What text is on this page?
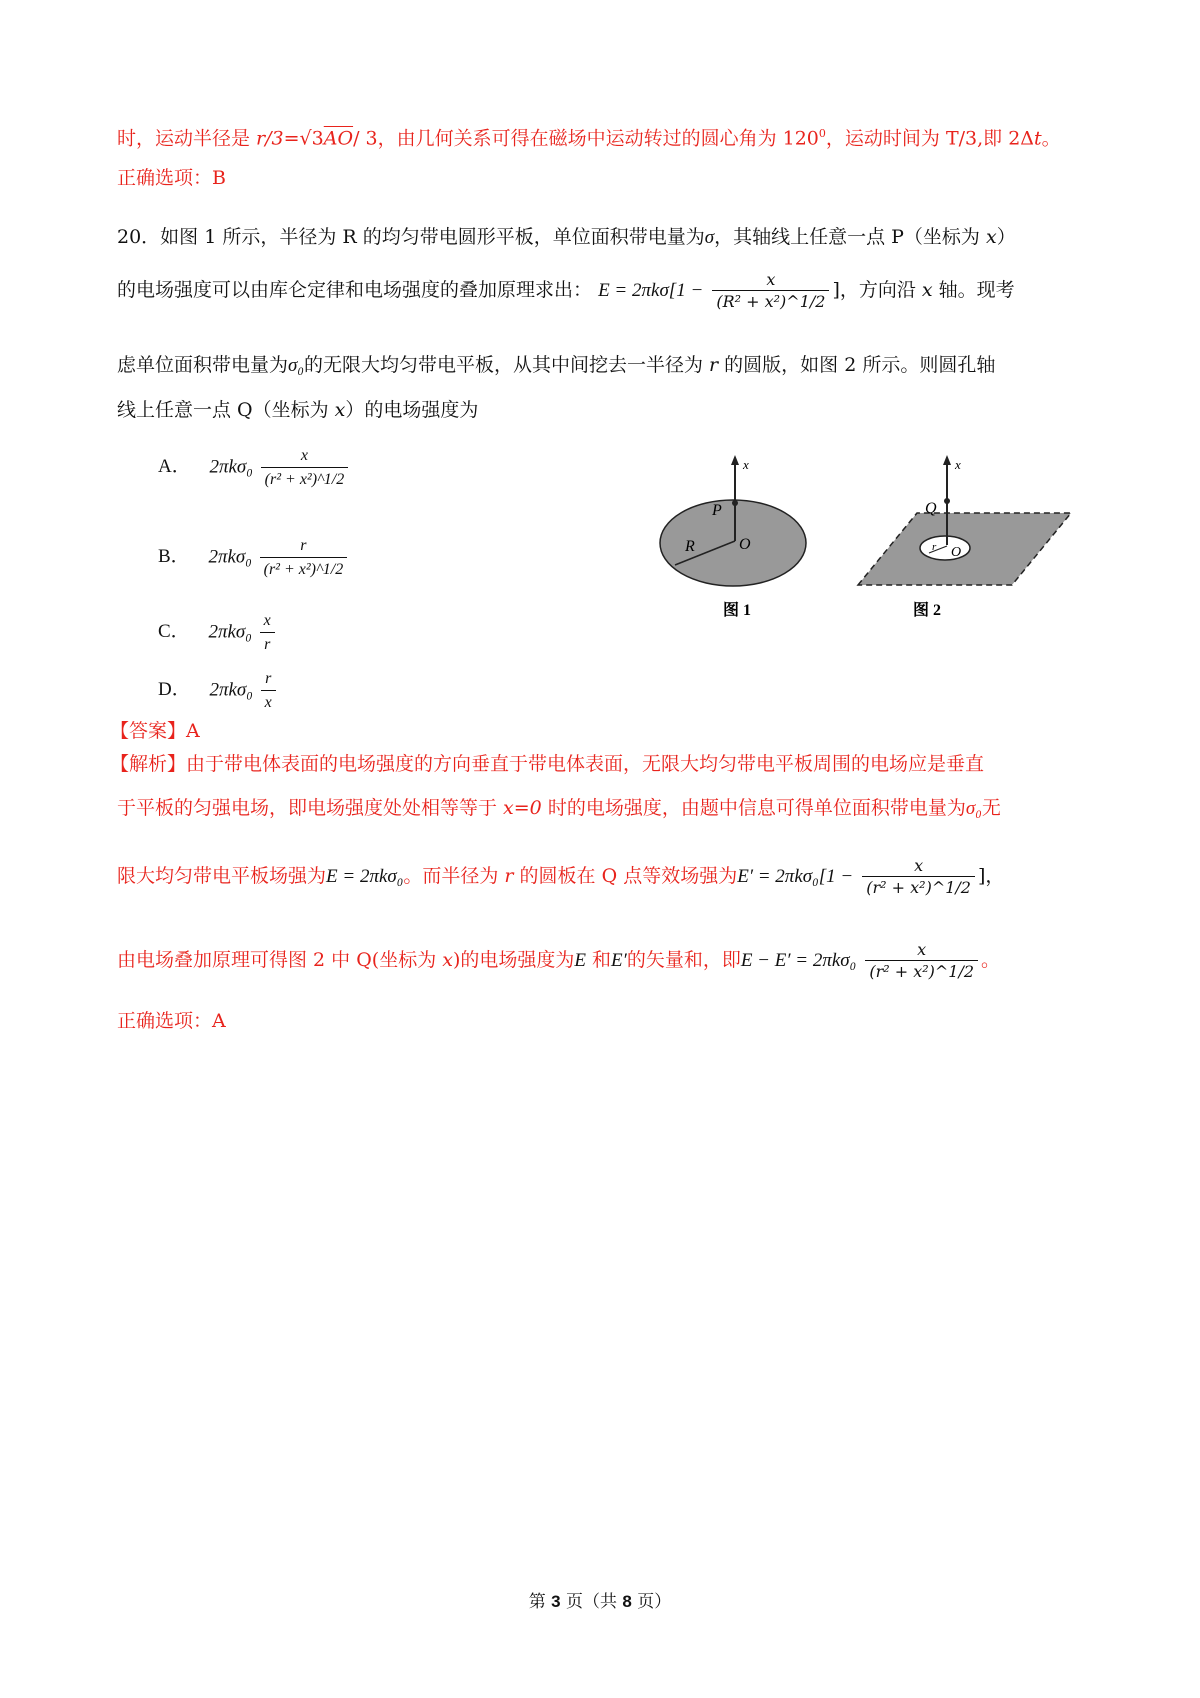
时，运动半径是 $r/3=√3\overline{AO}/$ 3，由几何关系可得在磁场中运动转过的圆心角为 $120^0$，运动时间为 T/3,即 2Δt。
正确选项：B
20．如图 1 所示，半径为 R 的均匀带电圆形平板，单位面积带电量为σ，其轴线上任意一点 P（坐标为 x）
的电场强度可以由库仑定律和电场强度的叠加原理求出： $E = 2\pi k\sigma[1 - \frac{x}{\text{(R² + x²)\textasciicircum{}1/2}}$ ]，方向沿 x 轴。现考
虑单位面积带电量为σ₀的无限大均匀带电平板，从其中间挖去一半径为 r 的圆版，如图 2 所示。则圆孔轴
线上任意一点 Q（坐标为 x）的电场强度为
A． $2\pi k\sigma_0 \frac{x}{\text{(r² + x²)\textasciicircum{}1/2}}$
B． $2\pi k\sigma_0 \frac{r}{\text{(r² + x²)\textasciicircum{}1/2}}$
C． $2\pi k\sigma_0 \frac{x}{r}$
D． $2\pi k\sigma_0 \frac{r}{x}$
x
P
R	O
图 1
x
Q
r O
图 2
【答案】A
【解析】由于带电体表面的电场强度的方向垂直于带电体表面，无限大均匀带电平板周围的电场应是垂直
于平板的匀强电场，即电场强度处处相等等于 x=0 时的电场强度，由题中信息可得单位面积带电量为σ₀无
限大均匀带电平板场强为E = 2πkσ₀。而半径为 r 的圆板在 Q 点等效场强为$E' = 2\pi k\sigma_0[1 - \frac{x}{\text{(r² + x²)\textasciicircum{}1/2}}$ ]，
由电场叠加原理可得图 2 中 Q(坐标为 x)的电场强度为E 和E′的矢量和，即$E - E' = 2\pi k\sigma_0 \frac{x}{\text{(r² + x²)\textasciicircum{}1/2}}$ 。
正确选项：A
第 3 页（共 8 页）
